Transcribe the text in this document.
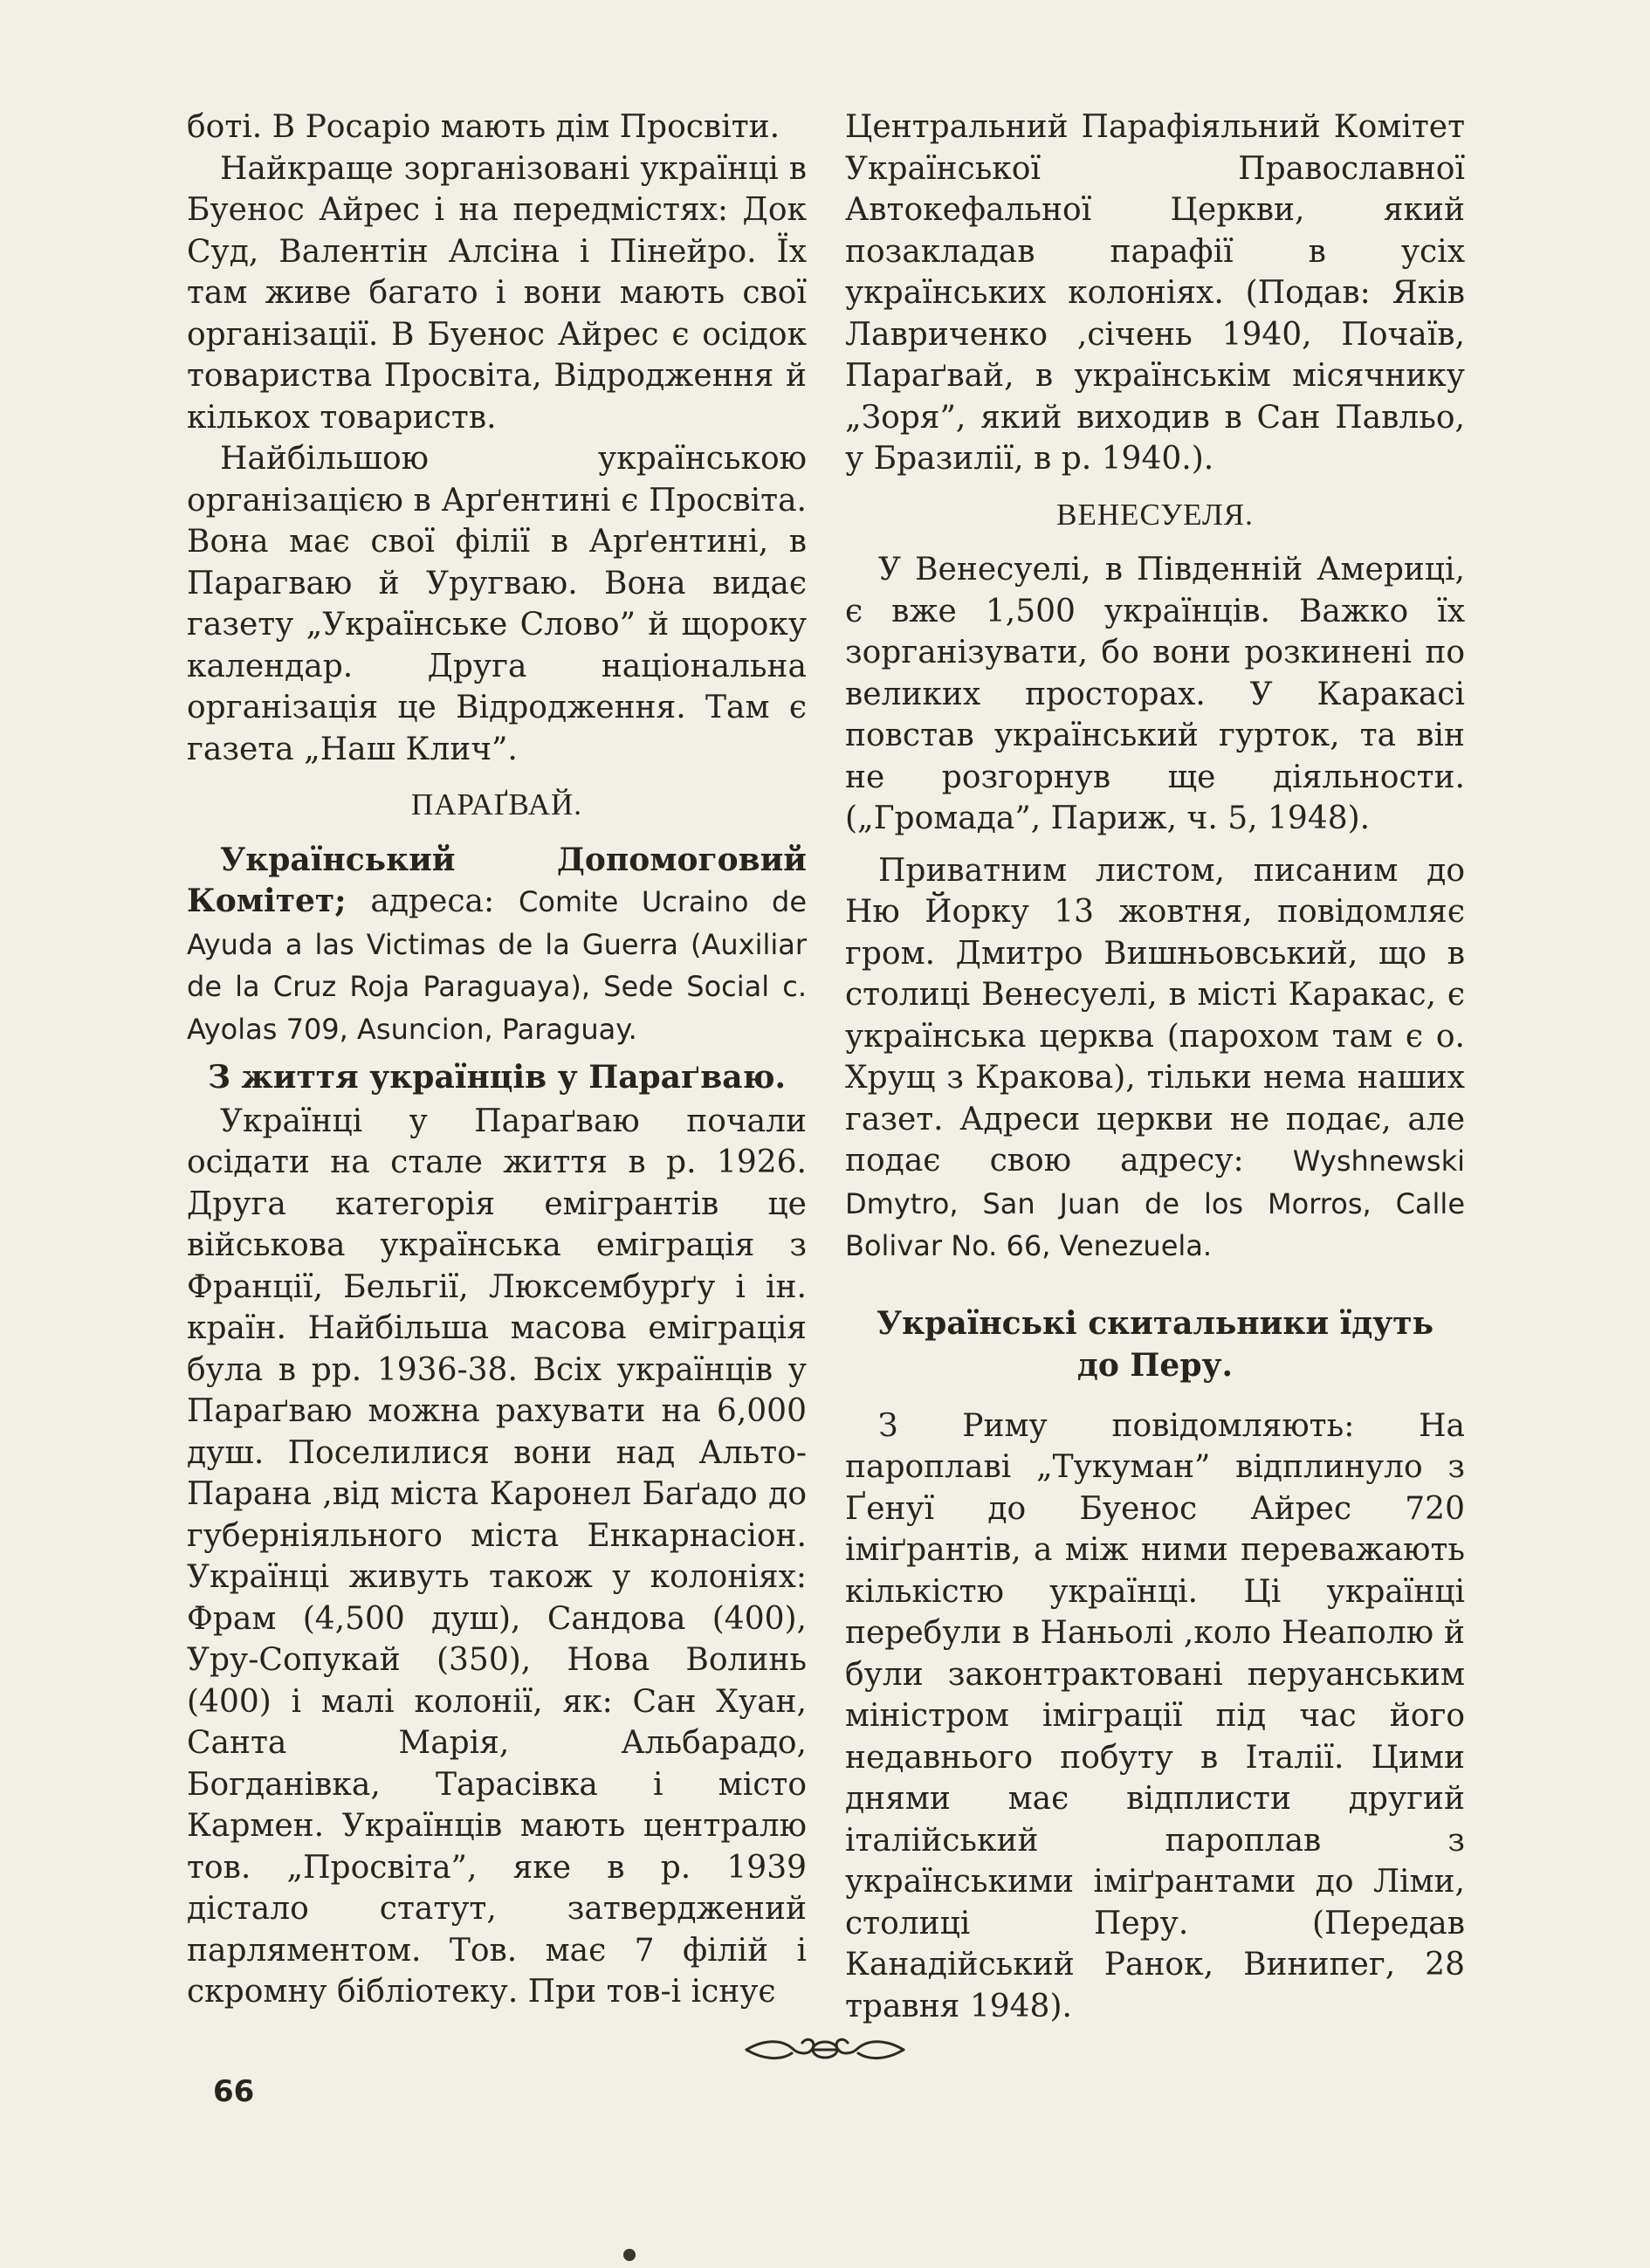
боті. В Росаріо мають дім Просвіти.

Найкраще зорганізовані українці в Буенос Айрес і на передмістях: Док Суд, Валентін Алсіна і Пінейро. Їх там живе багато і вони мають свої організації. В Буенос Айрес є осідок товариства Просвіта, Відродження й кількох товариств.

Найбільшою українською організацією в Арґентині є Просвіта. Вона має свої філії в Арґентині, в Парагваю й Уругваю. Вона видає газету „Українське Слово” й щороку календар. Друга національна організація це Відродження. Там є газета „Наш Клич”.

ПАРАҐВАЙ.

Український Допомоговий Комітет; адреса: Comite Ucraino de Ayuda a las Victimas de la Guerra (Auxiliar de la Cruz Roja Paraguaya), Sede Social c. Ayolas 709, Asuncion, Paraguay.

З життя українців у Параґваю.

Українці у Параґваю почали осідати на стале життя в р. 1926. Друга категорія емігрантів це військова українська еміграція з Франції, Бельгії, Люксембурґу і ін. країн. Найбільша масова еміграція була в рр. 1936-38. Всіх українців у Параґваю можна рахувати на 6,000 душ. Поселилися вони над Альто-Парана ,від міста Каронел Баґадо до губерніяльного міста Енкарнасіон. Українці живуть також у колоніях: Фрам (4,500 душ), Сандова (400), Уру-Сопукай (350), Нова Волинь (400) і малі колонії, як: Сан Хуан, Санта Марія, Альбарадо, Богданівка, Тарасівка і місто Кармен. Українців мають централю тов. „Просвіта”, яке в р. 1939 дістало статут, затверджений парляментом. Тов. має 7 філій і скромну бібліотеку. При тов-і існує

Центральний Парафіяльний Комітет Української Православної Автокефальної Церкви, який позакладав парафії в усіх українських колоніях. (Подав: Яків Лавриченко ,січень 1940, Почаїв, Параґвай, в українськім місячнику „Зоря”, який виходив в Сан Павльо, у Бразилії, в р. 1940.).

ВЕНЕСУЕЛЯ.

У Венесуелі, в Південній Америці, є вже 1,500 українців. Важко їх зорганізувати, бо вони розкинені по великих просторах. У Каракасі повстав український гурток, та він не розгорнув ще діяльности. („Громада”, Париж, ч. 5, 1948).

Приватним листом, писаним до Ню Йорку 13 жовтня, повідомляє гром. Дмитро Вишньовський, що в столиці Венесуелі, в місті Каракас, є українська церква (парохом там є о. Хрущ з Кракова), тільки нема наших газет. Адреси церкви не подає, але подає свою адресу: Wyshnewski Dmytro, San Juan de los Morros, Calle Bolivar No. 66, Venezuela.

Українські скитальники їдуть
до Перу.

З Риму повідомляють: На пароплаві „Тукуман” відплинуло з Ґенуї до Буенос Айрес 720 іміґрантів, а між ними переважають кількістю українці. Ці українці перебули в Наньолі ,коло Неаполю й були законтрактовані перуанським міністром іміграції під час його недавнього побуту в Італії. Цими днями має відплисти другий італійський пароплав з українськими іміґрантами до Ліми, столиці Перу. (Передав Канадійський Ранок, Винипег, 28 травня 1948).

66
